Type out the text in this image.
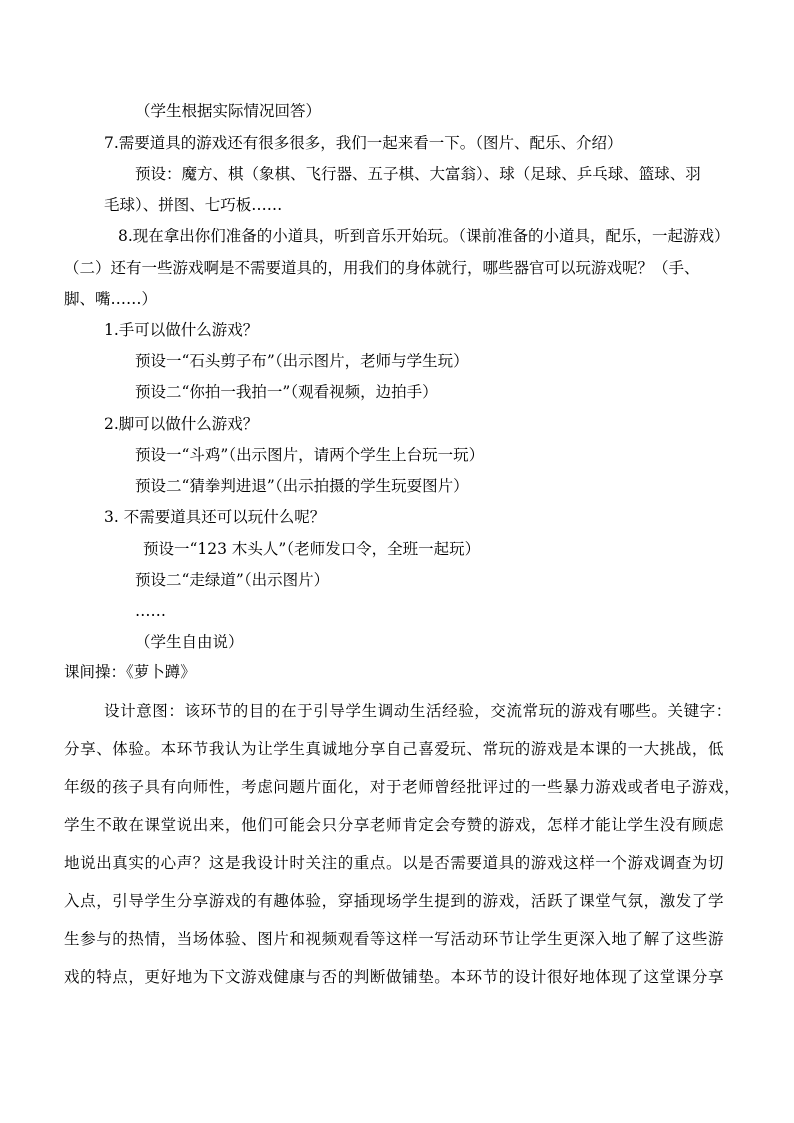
（学生根据实际情况回答）
7.需要道具的游戏还有很多很多，我们一起来看一下。（图片、配乐、介绍）
预设：魔方、棋（象棋、飞行器、五子棋、大富翁）、球（足球、乒乓球、篮球、羽
毛球）、拼图、七巧板……
8.现在拿出你们准备的小道具，听到音乐开始玩。（课前准备的小道具，配乐，一起游戏）
（二）还有一些游戏啊是不需要道具的，用我们的身体就行，哪些器官可以玩游戏呢？（手、
脚、嘴……）
1.手可以做什么游戏？
预设一“石头剪子布”（出示图片，老师与学生玩）
预设二“你拍一我拍一”（观看视频，边拍手）
2.脚可以做什么游戏？
预设一“斗鸡”（出示图片，请两个学生上台玩一玩）
预设二“猜拳判进退”（出示拍摄的学生玩耍图片）
3. 不需要道具还可以玩什么呢？
预设一“123 木头人”（老师发口令，全班一起玩）
预设二“走绿道”（出示图片）
……
（学生自由说）
课间操：《萝卜蹲》
设计意图：该环节的目的在于引导学生调动生活经验，交流常玩的游戏有哪些。关键字：
分享、体验。本环节我认为让学生真诚地分享自己喜爱玩、常玩的游戏是本课的一大挑战，低
年级的孩子具有向师性，考虑问题片面化，对于老师曾经批评过的一些暴力游戏或者电子游戏，
学生不敢在课堂说出来，他们可能会只分享老师肯定会夸赞的游戏，怎样才能让学生没有顾虑
地说出真实的心声？这是我设计时关注的重点。以是否需要道具的游戏这样一个游戏调查为切
入点，引导学生分享游戏的有趣体验，穿插现场学生提到的游戏，活跃了课堂气氛，激发了学
生参与的热情，当场体验、图片和视频观看等这样一写活动环节让学生更深入地了解了这些游
戏的特点，更好地为下文游戏健康与否的判断做铺垫。本环节的设计很好地体现了这堂课分享
